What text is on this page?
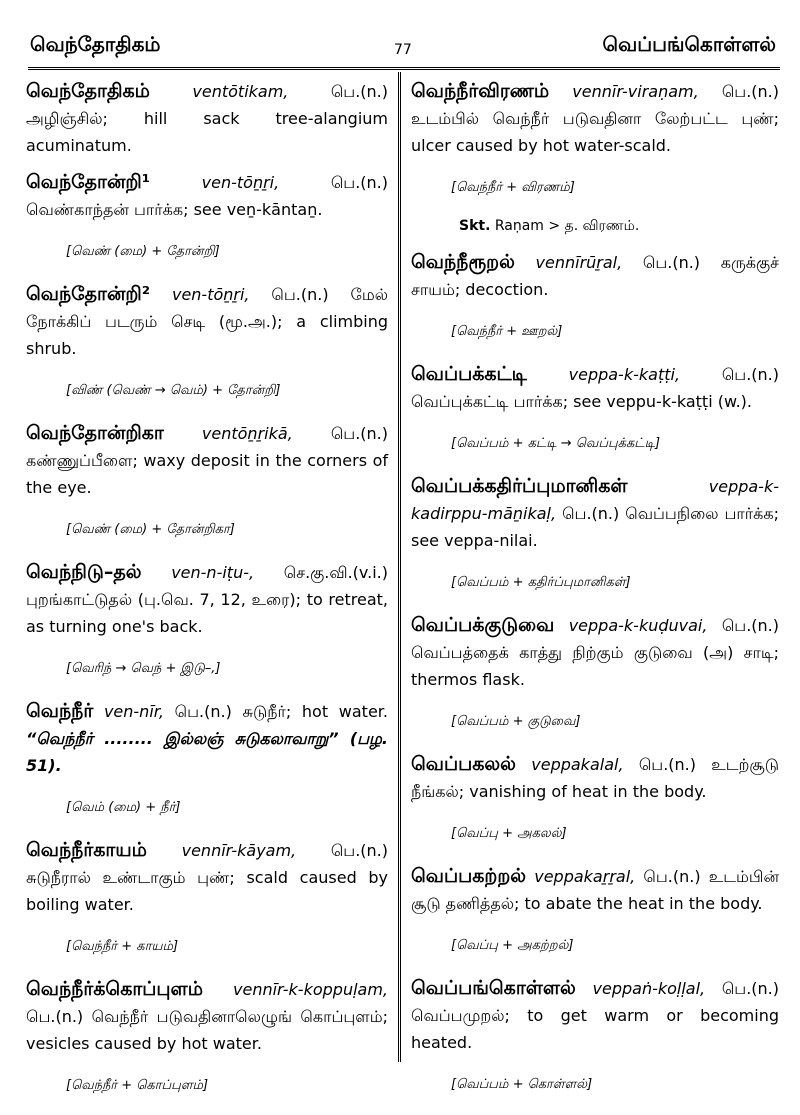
வெந்தோதிகம்	77	வெப்பங்கொள்ளல்
வெந்தோதிகம்	ventōtikam,	பெ.(n.) அழிஞ்சில்; hill sack tree-alangium acuminatum.
வெந்தோன்றி¹	ven-tōṉṟi,	பெ.(n.) வெண்காந்தன் பார்க்க; see veṉ-kāntaṉ.
[வெண் (மை) + தோன்றி]
வெந்தோன்றி² ven-tōṉṟi, பெ.(n.) மேல் நோக்கிப் படரும் செடி (மூ.அ.); a climbing shrub.
[விண் (வெண் → வெம்) + தோன்றி]
வெந்தோன்றிகா ventōṉṟikā, பெ.(n.) கண்ணுப்பீளை; waxy deposit in the corners of the eye.
[வெண் (மை) + தோன்றிகா]
வெந்நிடு–தல் ven-n-iṭu-, செ.கு.வி.(v.i.) புறங்காட்டுதல் (பு.வெ. 7, 12, உரை); to retreat, as turning one's back.
[வெரிந் → வெந் + இடு–,]
வெந்நீர் ven-nīr, பெ.(n.) சுடுநீர்; hot water. “வெந்நீர் ........ இல்லஞ் சுடுகலாவாறு” (பழ. 51).
[வெம் (மை) + நீர்]
வெந்நீர்காயம் vennīr-kāyam, பெ.(n.) சுடுநீரால் உண்டாகும் புண்; scald caused by boiling water.
[வெந்நீர் + காயம்]
வெந்நீர்க்கொப்புளம் vennīr-k-koppuḷam, பெ.(n.) வெந்நீர் படுவதினாலெழுங் கொப்புளம்; vesicles caused by hot water.
[வெந்நீர் + கொப்புளம்]
வெந்நீர்விரணம் vennīr-viraṇam, பெ.(n.) உடம்பில் வெந்நீர் படுவதினா லேற்பட்ட புண்; ulcer caused by hot water-scald.
[வெந்நீர் + விரணம்]
Skt. Raṇam > த. விரணம்.
வெந்நீரூறல் vennīrūṟal, பெ.(n.) கருக்குச் சாயம்; decoction.
[வெந்நீர் + ஊறல்]
வெப்பக்கட்டி	veppa-k-kaṭṭi,	பெ.(n.) வெப்புக்கட்டி பார்க்க; see veppu-k-kaṭṭi (w.).
[வெப்பம் + கட்டி → வெப்புக்கட்டி]
வெப்பக்கதிர்ப்புமானிகள்	veppa-k-kadirppu-māṉikaḷ, பெ.(n.) வெப்பநிலை பார்க்க; see veppa-nilai.
[வெப்பம் + கதிர்ப்புமானிகள்]
வெப்பக்குடுவை veppa-k-kuḍuvai, பெ.(n.) வெப்பத்தைக் காத்து நிற்கும் குடுவை (அ) சாடி; thermos flask.
[வெப்பம் + குடுவை]
வெப்பகலல் veppakalal, பெ.(n.) உடற்சூடு நீங்கல்; vanishing of heat in the body.
[வெப்பு + அகலல்]
வெப்பகற்றல் veppakaṟṟal, பெ.(n.) உடம்பின் சூடு தணித்தல்; to abate the heat in the body.
[வெப்பு + அகற்றல்]
வெப்பங்கொள்ளல் veppaṅ-koḷḷal, பெ.(n.) வெப்பமுறல்; to get warm or becoming heated.
[வெப்பம் + கொள்ளல்]
